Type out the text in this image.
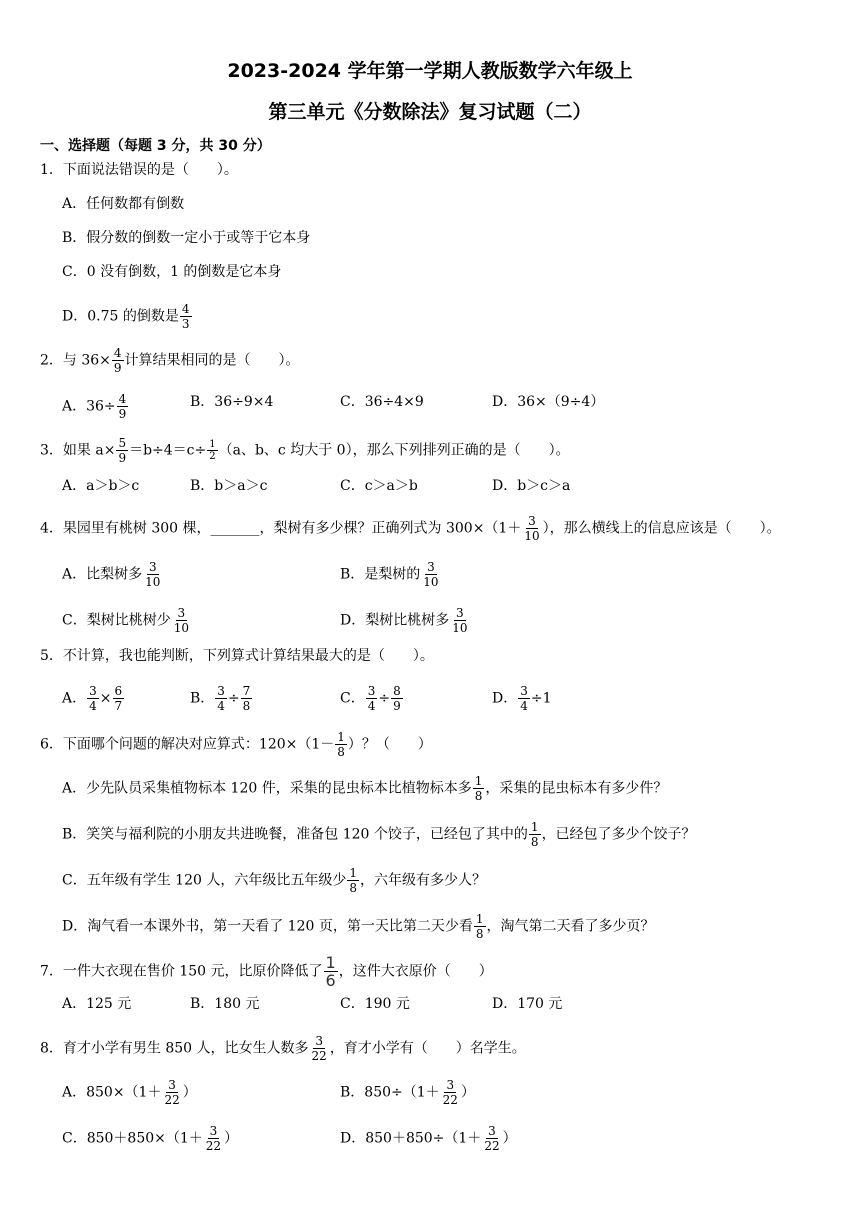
2023-2024 学年第一学期人教版数学六年级上
第三单元《分数除法》复习试题（二）
一、选择题（每题 3 分，共 30 分）
1．下面说法错误的是（　　）。
A．任何数都有倒数
B．假分数的倒数一定小于或等于它本身
C．0 没有倒数，1 的倒数是它本身
D．0.75 的倒数是 $\frac{4}{3}$
2．与 $36\times \frac{4}{9}$ 计算结果相同的是（　　）。
A．$36\div \frac{4}{9}$	B．36÷9×4	C．36÷4×9	D．36×（9÷4）
3．如果 $a\times \frac{5}{9} =b\div 4=c\div \frac{1}{2} (a$、b、c 均大于 0），那么下列排列正确的是（　　）。
A．a＞b＞c	B．b＞a＞c	C．c＞a＞b	D．b＞c＞a
4．果园里有桃树 300 棵，_______，梨树有多少棵？正确列式为 $300\times(1+ \frac{3}{10}$ ），那么横线上的信息应该是（　　）。
A．比梨树多 $\frac{3}{10}$	B．是梨树的 $\frac{3}{10}$
C．梨树比桃树少 $\frac{3}{10}$	D．梨树比桃树多 $\frac{3}{10}$
5．不计算，我也能判断，下列算式计算结果最大的是（　　）。
A． $\frac{3}{4} \times \frac{6}{7}$	B． $\frac{3}{4} \div \frac{7}{8}$	C． $\frac{3}{4} \div \frac{8}{9}$	D． $\frac{3}{4} \div 1$
6．下面哪个问题的解决对应算式：$120\times(1- \frac{1}{8}$ ）？（　　）
A．少先队员采集植物标本 120 件，采集的昆虫标本比植物标本多 $\frac{1}{8}$ ，采集的昆虫标本有多少件？
B．笑笑与福利院的小朋友共进晚餐，准备包 120 个饺子，已经包了其中的 $\frac{1}{8}$ ，已经包了多少个饺子？
C．五年级有学生 120 人，六年级比五年级少 $\frac{1}{8}$ ，六年级有多少人？
D．淘气看一本课外书，第一天看了 120 页，第一天比第二天少看 $\frac{1}{8}$ ，淘气第二天看了多少页？
7．一件大衣现在售价 150 元，比原价降低了 $\frac{1}{6}$ ，这件大衣原价（　　）
A．125 元	B．180 元	C．190 元	D．170 元
8．育才小学有男生 850 人，比女生人数多 $\frac{3}{22}$ ，育才小学有（　　）名学生。
A．$850\times(1+ \frac{3}{22}$ ）	B．$850\div(1+ \frac{3}{22}$ ）
C．$850+850\times(1+ \frac{3}{22}$ ）	D．$850+850\div(1+ \frac{3}{22}$ ）
